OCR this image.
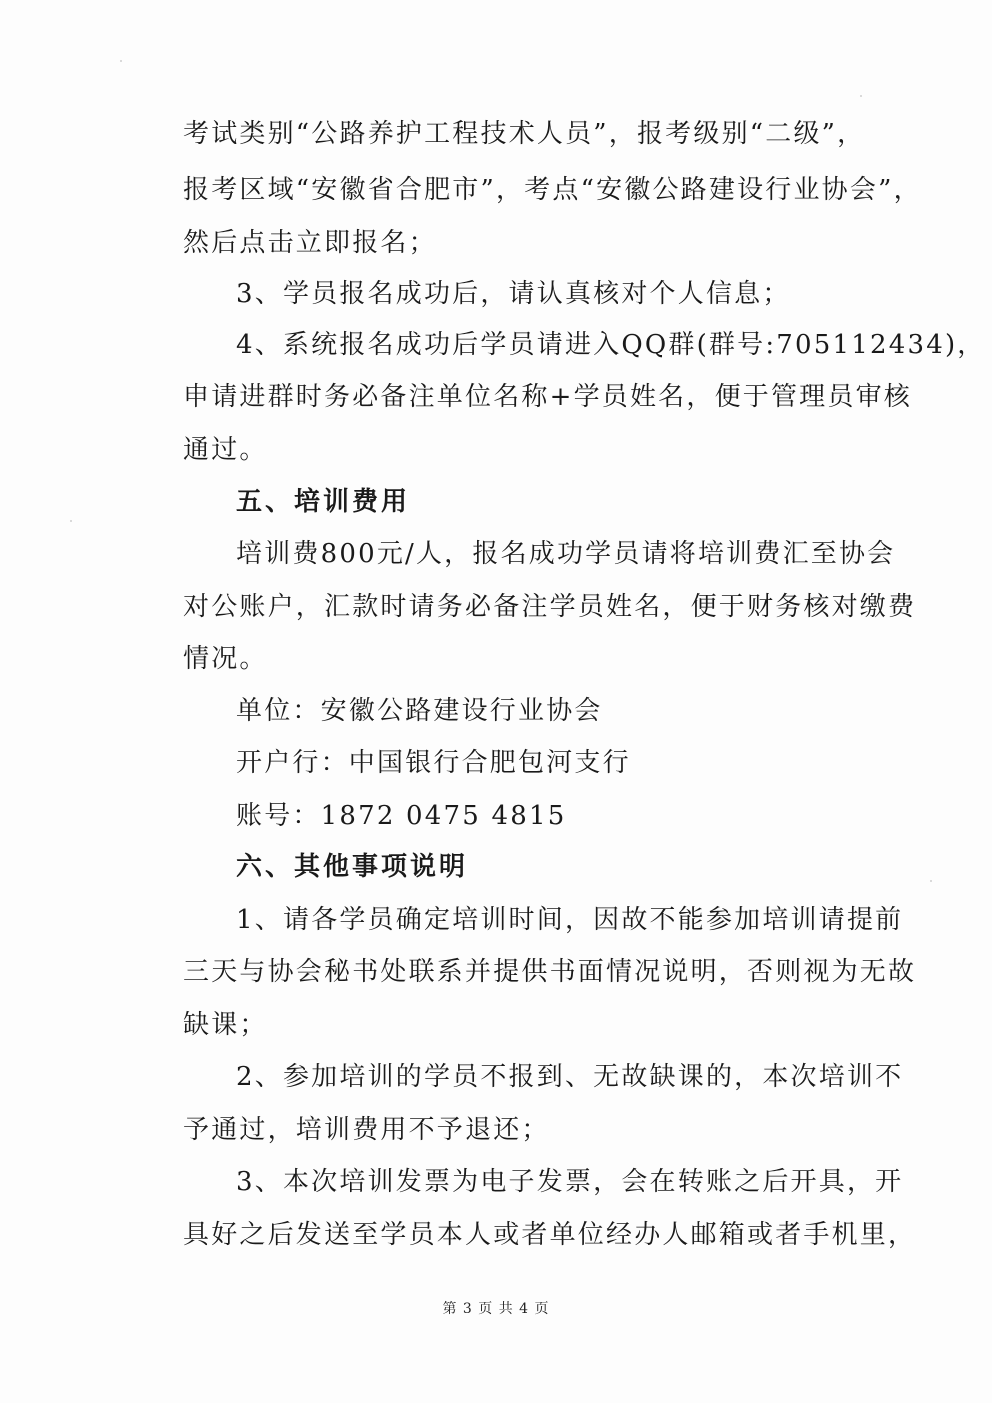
考试类别“公路养护工程技术人员”，报考级别“二级”，
报考区域“安徽省合肥市”，考点“安徽公路建设行业协会”，
然后点击立即报名；
3、学员报名成功后，请认真核对个人信息；
4、系统报名成功后学员请进入QQ群(群号:705112434)，
申请进群时务必备注单位名称+学员姓名，便于管理员审核
通过。
五、培训费用
培训费800元/人，报名成功学员请将培训费汇至协会
对公账户，汇款时请务必备注学员姓名，便于财务核对缴费
情况。
单位：安徽公路建设行业协会
开户行：中国银行合肥包河支行
账号：1872 0475 4815
六、其他事项说明
1、请各学员确定培训时间，因故不能参加培训请提前
三天与协会秘书处联系并提供书面情况说明，否则视为无故
缺课；
2、参加培训的学员不报到、无故缺课的，本次培训不
予通过，培训费用不予退还；
3、本次培训发票为电子发票，会在转账之后开具，开
具好之后发送至学员本人或者单位经办人邮箱或者手机里，
第 3 页 共 4 页
